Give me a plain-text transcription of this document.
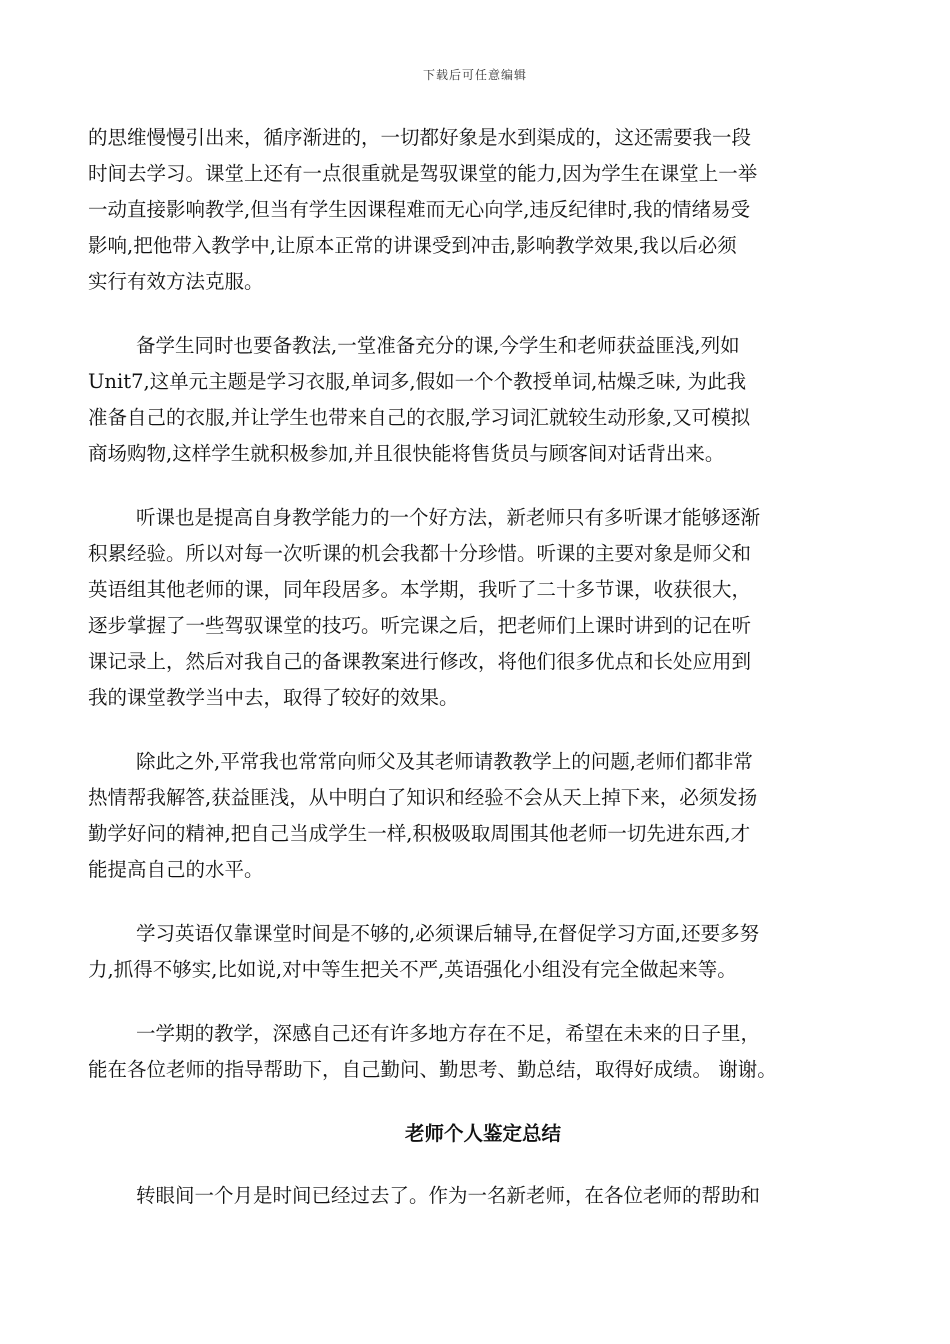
下载后可任意编辑
的思维慢慢引出来，循序渐进的，一切都好象是水到渠成的，这还需要我一段
时间去学习。课堂上还有一点很重就是驾驭课堂的能力,因为学生在课堂上一举
一动直接影响教学,但当有学生因课程难而无心向学,违反纪律时,我的情绪易受
影响,把他带入教学中,让原本正常的讲课受到冲击,影响教学效果,我以后必须
实行有效方法克服。
备学生同时也要备教法,一堂准备充分的课,今学生和老师获益匪浅,列如
Unit7,这单元主题是学习衣服,单词多,假如一个个教授单词,枯燥乏味, 为此我
准备自己的衣服,并让学生也带来自己的衣服,学习词汇就较生动形象,又可模拟
商场购物,这样学生就积极参加,并且很快能将售货员与顾客间对话背出来。
听课也是提高自身教学能力的一个好方法，新老师只有多听课才能够逐渐
积累经验。所以对每一次听课的机会我都十分珍惜。听课的主要对象是师父和
英语组其他老师的课，同年段居多。本学期，我听了二十多节课，收获很大，
逐步掌握了一些驾驭课堂的技巧。听完课之后，把老师们上课时讲到的记在听
课记录上，然后对我自己的备课教案进行修改，将他们很多优点和长处应用到
我的课堂教学当中去，取得了较好的效果。
除此之外,平常我也常常向师父及其老师请教教学上的问题,老师们都非常
热情帮我解答,获益匪浅，从中明白了知识和经验不会从天上掉下来，必须发扬
勤学好问的精神,把自己当成学生一样,积极吸取周围其他老师一切先进东西,才
能提高自己的水平。
学习英语仅靠课堂时间是不够的,必须课后辅导,在督促学习方面,还要多努
力,抓得不够实,比如说,对中等生把关不严,英语强化小组没有完全做起来等。
一学期的教学，深感自己还有许多地方存在不足，希望在未来的日子里，
能在各位老师的指导帮助下，自己勤问、勤思考、勤总结，取得好成绩。 谢谢。
老师个人鉴定总结
转眼间一个月是时间已经过去了。作为一名新老师，在各位老师的帮助和
